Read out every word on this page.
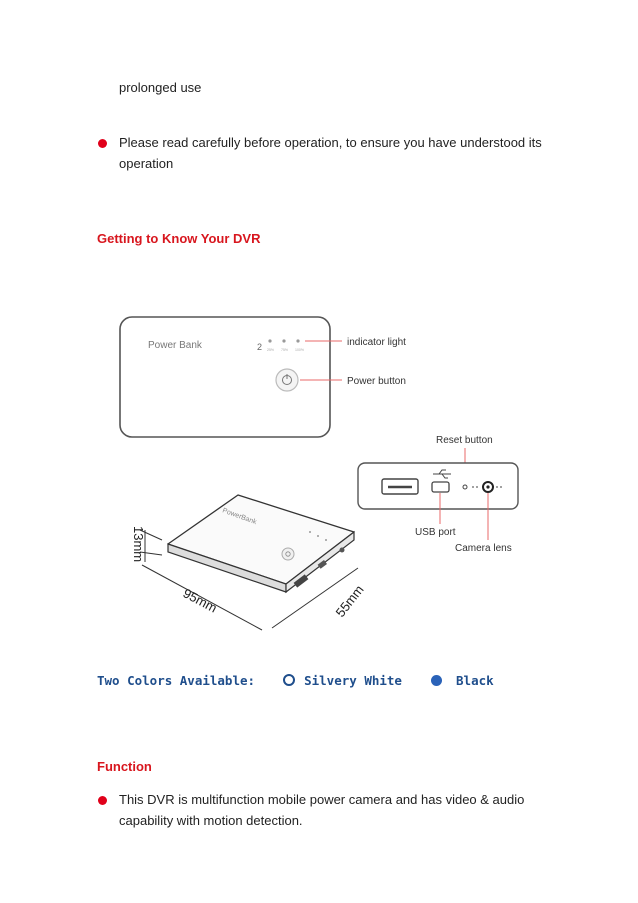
prolonged use

Please read carefully before operation, to ensure you have understood its

operation

Getting to Know Your DVR

Power Bank	2 25% 75% 100%
indicator light
Power button
Reset button
USB port
Camera lens
PowerBank
13mm
95mm	55mm
Two Colors Available:	Silvery White	Black

Function

This DVR is multifunction mobile power camera and has video & audio

capability with motion detection.
